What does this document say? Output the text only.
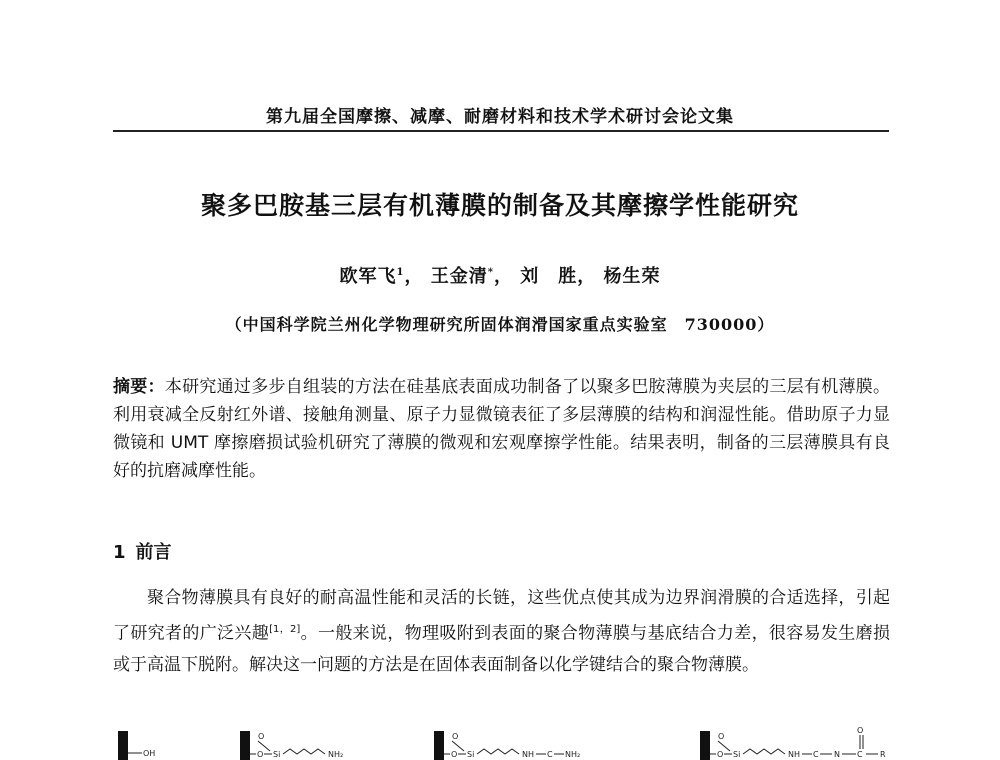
第九届全国摩擦、减摩、耐磨材料和技术学术研讨会论文集
聚多巴胺基三层有机薄膜的制备及其摩擦学性能研究
欧军飞$^1$， 王金清*， 刘　胜， 杨生荣
（中国科学院兰州化学物理研究所固体润滑国家重点实验室　730000）
摘要：本研究通过多步自组装的方法在硅基底表面成功制备了以聚多巴胺薄膜为夹层的三层有机薄膜。利用衰减全反射红外谱、接触角测量、原子力显微镜表征了多层薄膜的结构和润湿性能。借助原子力显微镜和 UMT 摩擦磨损试验机研究了薄膜的微观和宏观摩擦学性能。结果表明，制备的三层薄膜具有良好的抗磨减摩性能。
1 前言
聚合物薄膜具有良好的耐高温性能和灵活的长链，这些优点使其成为边界润滑膜的合适选择，引起了研究者的广泛兴趣[1，2]。一般来说，物理吸附到表面的聚合物薄膜与基底结合力差，很容易发生磨损或于高温下脱附。解决这一问题的方法是在固体表面制备以化学键结合的聚合物薄膜。
OH
O
O Si	NH₂
O
O Si	NH C NH₂
O
O Si	NH C N C
O
R
